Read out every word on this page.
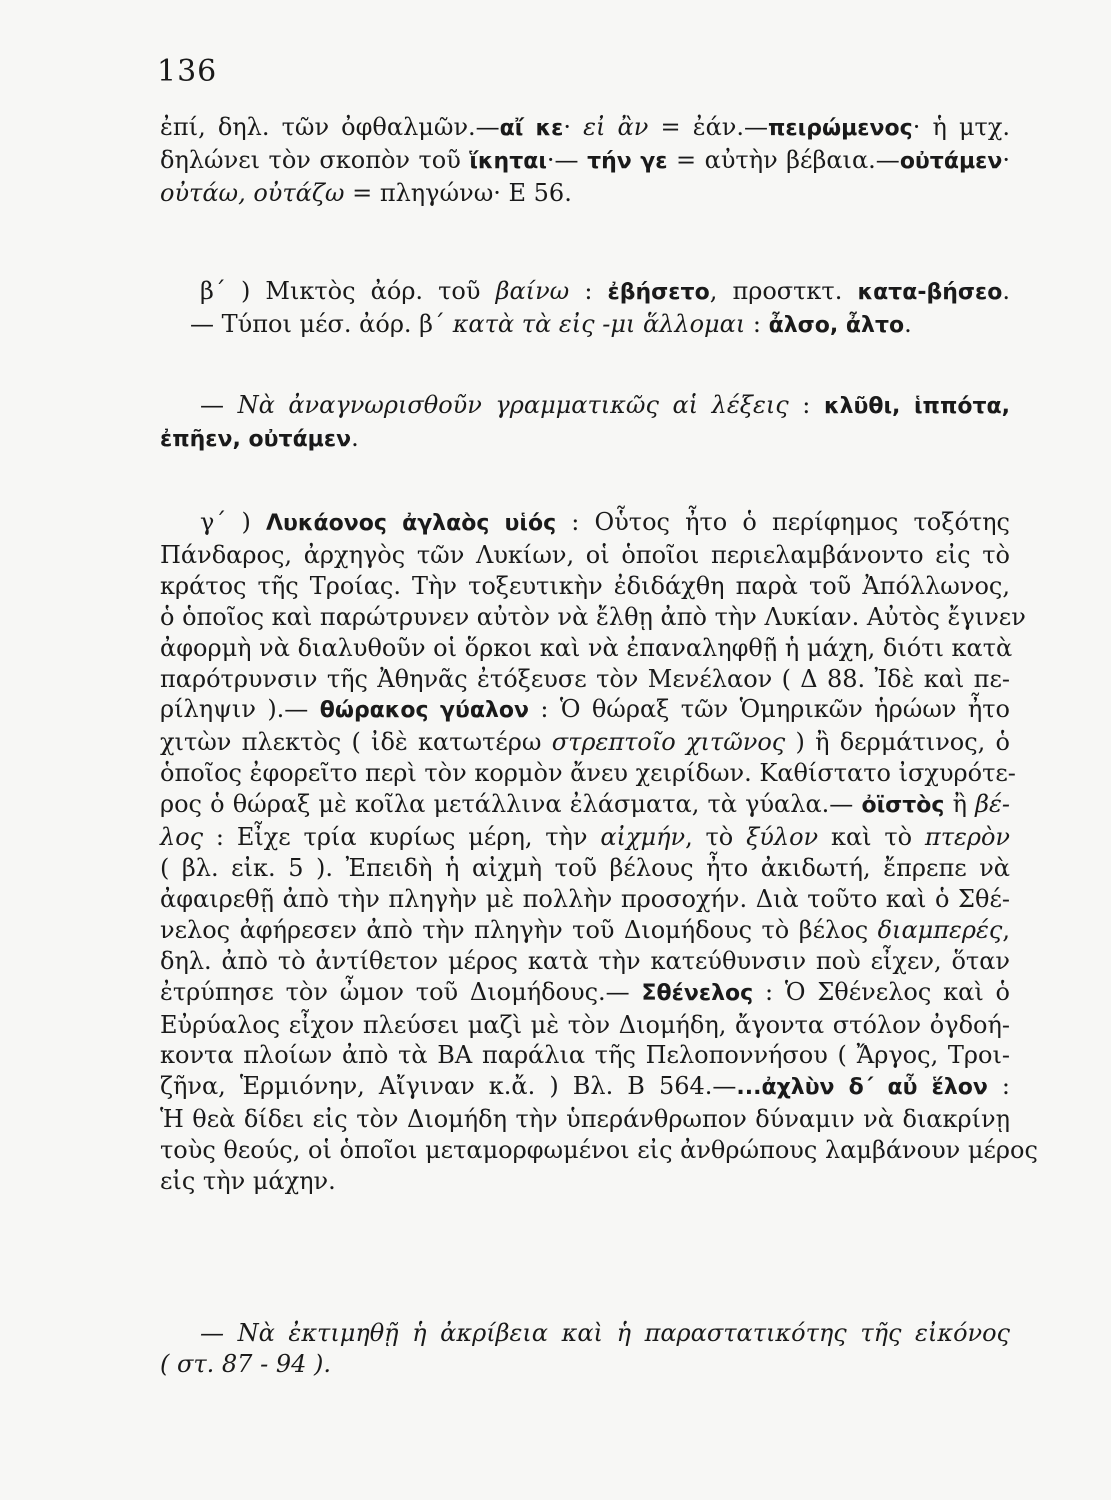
136
ἐπί, δηλ. τῶν ὀφθαλμῶν.—αἴ κε· εἰ ἂν = ἐάν.—πειρώμενος· ἡ μτχ.
δηλώνει τὸν σκοπὸν τοῦ ἵκηται·— τήν γε = αὐτὴν βέβαια.—οὐτάμεν·
οὐτάω, οὐτάζω = πληγώνω· Ε 56.
β΄ ) Μικτὸς ἀόρ. τοῦ βαίνω : ἐβήσετο, προστκτ. κατα-βήσεο.
— Τύποι μέσ. ἀόρ. β΄ κατὰ τὰ εἰς -μι ἅλλομαι : ἆλσο, ἆλτο.
— Νὰ ἀναγνωρισθοῦν γραμματικῶς αἱ λέξεις : κλῦθι, ἱππότα,
ἐπῆεν, οὐτάμεν.
γ΄ ) Λυκάονος ἀγλαὸς υἱός : Οὗτος ἦτο ὁ περίφημος τοξότης
Πάνδαρος, ἀρχηγὸς τῶν Λυκίων, οἱ ὁποῖοι περιελαμβάνοντο εἰς τὸ
κράτος τῆς Τροίας. Τὴν τοξευτικὴν ἐδιδάχθη παρὰ τοῦ Ἀπόλλωνος,
ὁ ὁποῖος καὶ παρώτρυνεν αὐτὸν νὰ ἔλθῃ ἀπὸ τὴν Λυκίαν. Αὐτὸς ἔγινεν
ἀφορμὴ νὰ διαλυθοῦν οἱ ὅρκοι καὶ νὰ ἐπαναληφθῇ ἡ μάχη, διότι κατὰ
παρότρυνσιν τῆς Ἀθηνᾶς ἐτόξευσε τὸν Μενέλαον ( Δ 88. Ἰδὲ καὶ πε-
ρίληψιν ).— θώρακος γύαλον : Ὁ θώραξ τῶν Ὁμηρικῶν ἡρώων ἦτο
χιτὼν πλεκτὸς ( ἰδὲ κατωτέρω στρεπτοῖο χιτῶνος ) ἢ δερμάτινος, ὁ
ὁποῖος ἐφορεῖτο περὶ τὸν κορμὸν ἄνευ χειρίδων. Καθίστατο ἰσχυρότε-
ρος ὁ θώραξ μὲ κοῖλα μετάλλινα ἐλάσματα, τὰ γύαλα.— ὀϊστὸς ἢ βέ-
λος : Εἶχε τρία κυρίως μέρη, τὴν αἰχμήν, τὸ ξύλον καὶ τὸ πτερὸν
( βλ. εἰκ. 5 ). Ἐπειδὴ ἡ αἰχμὴ τοῦ βέλους ἦτο ἀκιδωτή, ἔπρεπε νὰ
ἀφαιρεθῇ ἀπὸ τὴν πληγὴν μὲ πολλὴν προσοχήν. Διὰ τοῦτο καὶ ὁ Σθέ-
νελος ἀφήρεσεν ἀπὸ τὴν πληγὴν τοῦ Διομήδους τὸ βέλος διαμπερές,
δηλ. ἀπὸ τὸ ἀντίθετον μέρος κατὰ τὴν κατεύθυνσιν ποὺ εἶχεν, ὅταν
ἐτρύπησε τὸν ὦμον τοῦ Διομήδους.— Σθένελος : Ὁ Σθένελος καὶ ὁ
Εὐρύαλος εἶχον πλεύσει μαζὶ μὲ τὸν Διομήδη, ἄγοντα στόλον ὀγδοή-
κοντα πλοίων ἀπὸ τὰ ΒΑ παράλια τῆς Πελοποννήσου ( Ἄργος, Τροι-
ζῆνα, Ἑρμιόνην, Αἴγιναν κ.ἄ. ) Βλ. Β 564.—...ἀχλὺν δ΄ αὖ ἕλον :
Ἡ θεὰ δίδει εἰς τὸν Διομήδη τὴν ὑπεράνθρωπον δύναμιν νὰ διακρίνῃ
τοὺς θεούς, οἱ ὁποῖοι μεταμορφωμένοι εἰς ἀνθρώπους λαμβάνουν μέρος
εἰς τὴν μάχην.
— Νὰ ἐκτιμηθῇ ἡ ἀκρίβεια καὶ ἡ παραστατικότης τῆς εἰκόνος
( στ. 87 - 94 ).
